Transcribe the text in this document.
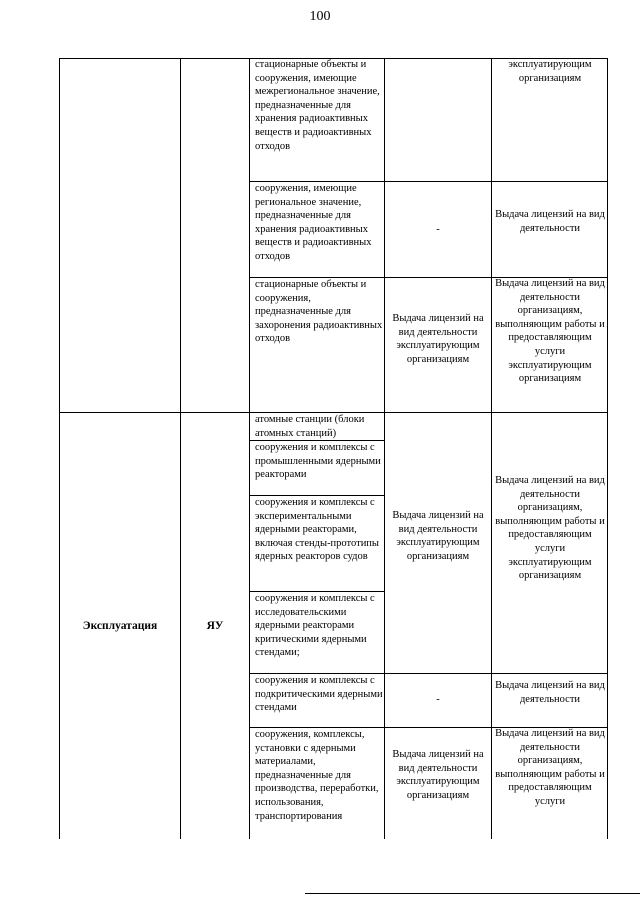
100
стационарные объекты и сооружения, имеющие межрегиональное значение, предназначенные для хранения радиоактивных веществ и радиоактивных отходов
эксплуатирующим организациям
сооружения, имеющие региональное значение, предназначенные для хранения радиоактивных веществ и радиоактивных отходов
-
Выдача лицензий на вид деятельности
стационарные объекты и сооружения, предназначенные для захоронения радиоактивных отходов
Выдача лицензий на вид деятельности эксплуатирующим организациям
Выдача лицензий на вид деятельности организациям, выполняющим работы и предоставляющим услуги эксплуатирующим организациям
Эксплуатация	ЯУ
атомные станции (блоки атомных станций)
сооружения и комплексы с промышленными ядерными реакторами
сооружения и комплексы с экспериментальными ядерными реакторами, включая стенды-прототипы ядерных реакторов судов
сооружения и комплексы с исследовательскими ядерными реакторами критическими ядерными стендами;
сооружения и комплексы с подкритическими ядерными стендами
сооружения, комплексы, установки с ядерными материалами, предназначенные для производства, переработки, использования, транспортирования
Выдача лицензий на вид деятельности эксплуатирующим организациям
Выдача лицензий на вид деятельности организациям, выполняющим работы и предоставляющим услуги эксплуатирующим организациям
-
Выдача лицензий на вид деятельности
Выдача лицензий на вид деятельности эксплуатирующим организациям
Выдача лицензий на вид деятельности организациям, выполняющим работы и предоставляющим услуги
